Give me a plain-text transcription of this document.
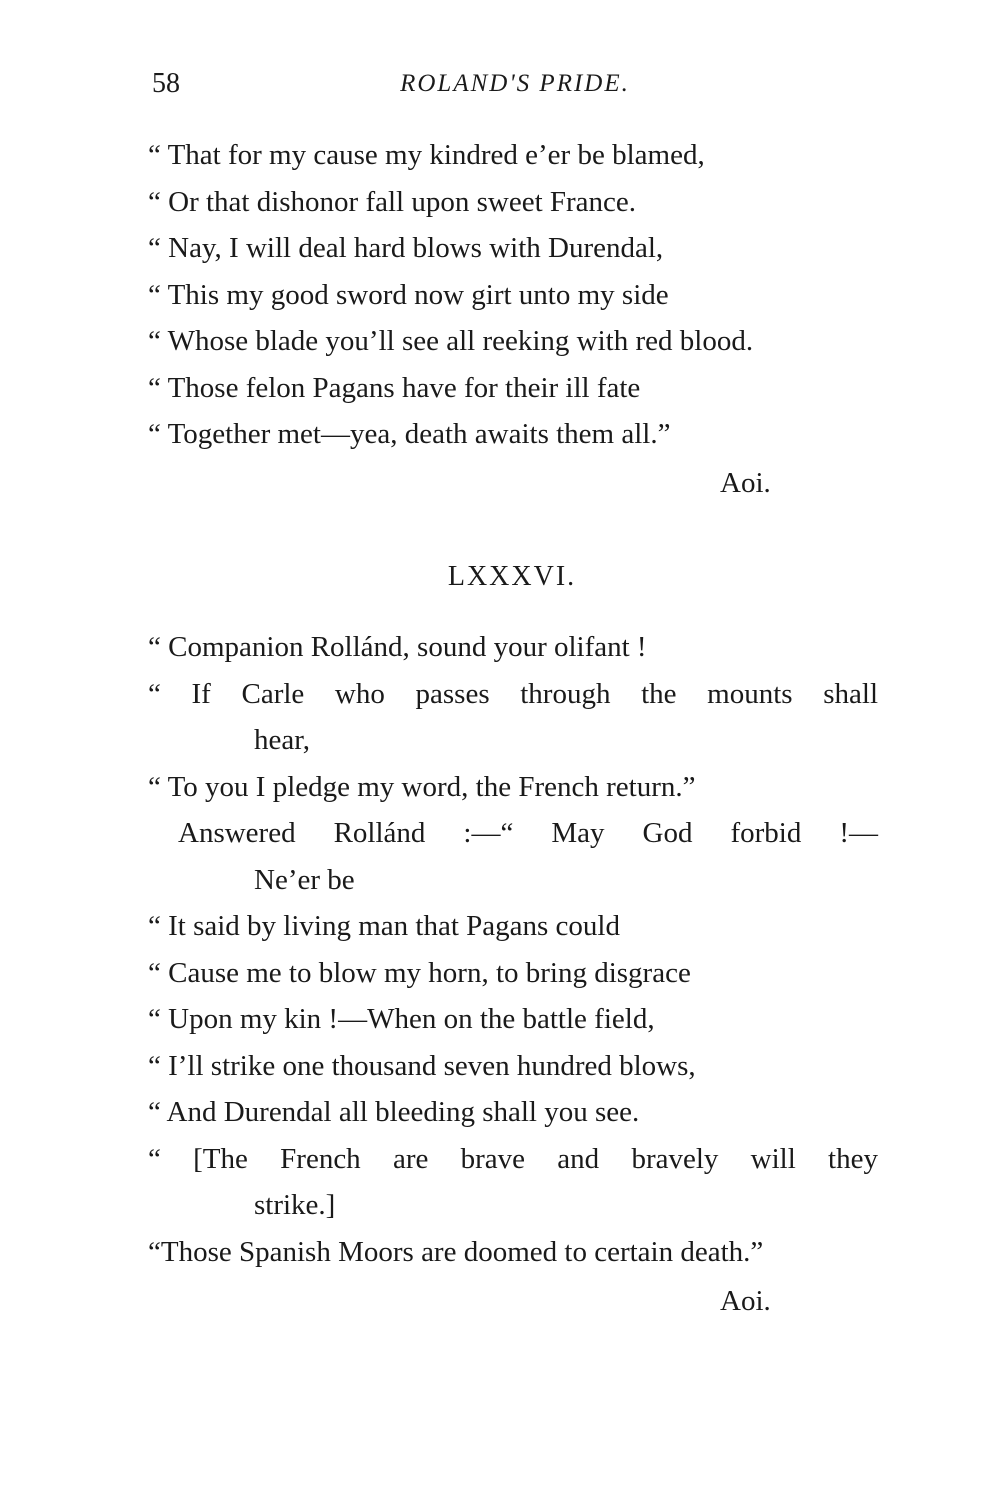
58	ROLAND'S PRIDE.
“ That for my cause my kindred e’er be blamed,
“ Or that dishonor fall upon sweet France.
“ Nay, I will deal hard blows with Durendal,
“ This my good sword now girt unto my side
“ Whose blade you’ll see all reeking with red blood.
“ Those felon Pagans have for their ill fate
“ Together met—yea, death awaits them all.”
Aoi.
LXXXVI.
“ Companion Rollánd, sound your olifant !
“ If Carle who passes through the mounts shall
hear,
“ To you I pledge my word, the French return.”
Answered Rollánd :—“ May God forbid !—
Ne’er be
“ It said by living man that Pagans could
“ Cause me to blow my horn, to bring disgrace
“ Upon my kin !—When on the battle field,
“ I’ll strike one thousand seven hundred blows,
“ And Durendal all bleeding shall you see.
“ [The French are brave and bravely will they
strike.]
“Those Spanish Moors are doomed to certain death.”
Aoi.
